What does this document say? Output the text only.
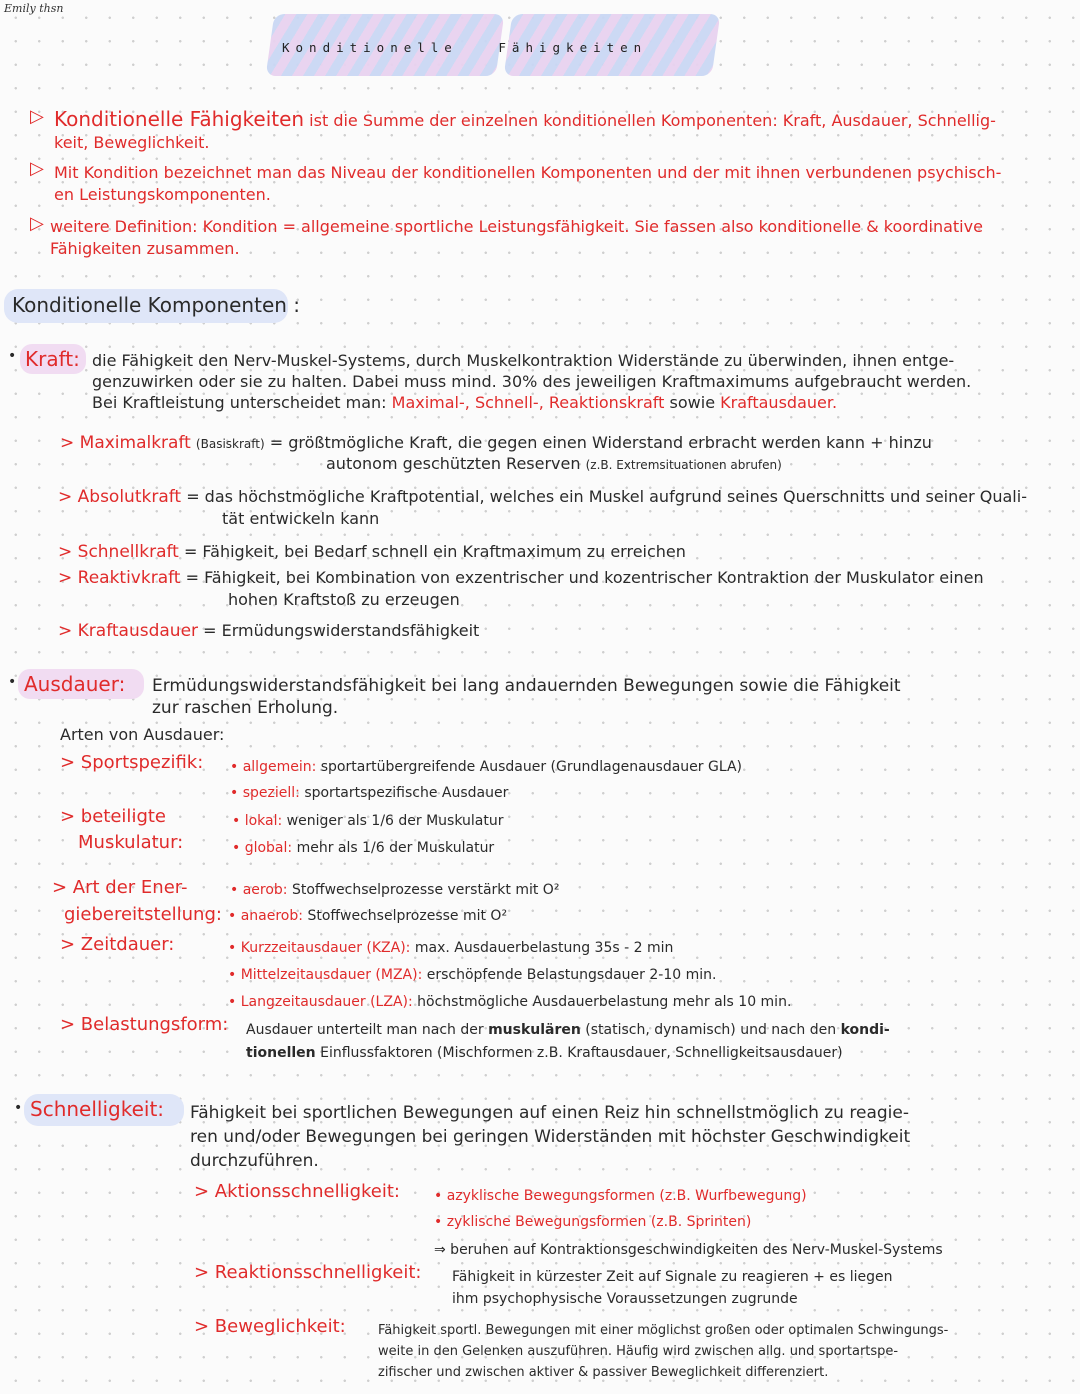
Emily thsn
Konditionelle   Fähigkeiten
▷ Konditionelle Fähigkeiten ist die Summe der einzelnen konditionellen Komponenten: Kraft, Ausdauer, Schnellig-
keit, Beweglichkeit.
▷ Mit Kondition bezeichnet man das Niveau der konditionellen Komponenten und der mit ihnen verbundenen psychisch-
en Leistungskomponenten.
▷ weitere Definition: Kondition = allgemeine sportliche Leistungsfähigkeit. Sie fassen also konditionelle & koordinative
Fähigkeiten zusammen.
Konditionelle Komponenten :
• Kraft: die Fähigkeit den Nerv-Muskel-Systems, durch Muskelkontraktion Widerstände zu überwinden, ihnen entge-
genzuwirken oder sie zu halten. Dabei muss mind. 30% des jeweiligen Kraftmaximums aufgebraucht werden.
Bei Kraftleistung unterscheidet man: Maximal-, Schnell-, Reaktionskraft sowie Kraftausdauer.
> Maximalkraft (Basiskraft) = größtmögliche Kraft, die gegen einen Widerstand erbracht werden kann + hinzu
autonom geschützten Reserven (z.B. Extremsituationen abrufen)
> Absolutkraft = das höchstmögliche Kraftpotential, welches ein Muskel aufgrund seines Querschnitts und seiner Quali-
tät entwickeln kann
> Schnellkraft = Fähigkeit, bei Bedarf schnell ein Kraftmaximum zu erreichen
> Reaktivkraft = Fähigkeit, bei Kombination von exzentrischer und kozentrischer Kontraktion der Muskulator einen
hohen Kraftstoß zu erzeugen
> Kraftausdauer = Ermüdungswiderstandsfähigkeit
• Ausdauer: Ermüdungswiderstandsfähigkeit bei lang andauernden Bewegungen sowie die Fähigkeit
zur raschen Erholung.
Arten von Ausdauer:
> Sportspezifik: • allgemein: sportartübergreifende Ausdauer (Grundlagenausdauer GLA)
• speziell: sportartspezifische Ausdauer
> beteiligte
Muskulatur:
• lokal: weniger als 1/6 der Muskulatur
• global: mehr als 1/6 der Muskulatur
> Art der Ener-
giebereitstellung:
• aerob: Stoffwechselprozesse verstärkt mit O²
• anaerob: Stoffwechselprozesse mit O²
> Zeitdauer:	• Kurzzeitausdauer (KZA): max. Ausdauerbelastung 35s - 2 min
• Mittelzeitausdauer (MZA): erschöpfende Belastungsdauer 2-10 min.
• Langzeitausdauer (LZA): höchstmögliche Ausdauerbelastung mehr als 10 min.
> Belastungsform: Ausdauer unterteilt man nach der muskulären (statisch, dynamisch) und nach den kondi-
tionellen Einflussfaktoren (Mischformen z.B. Kraftausdauer, Schnelligkeitsausdauer)
• Schnelligkeit: Fähigkeit bei sportlichen Bewegungen auf einen Reiz hin schnellstmöglich zu reagie-
ren und/oder Bewegungen bei geringen Widerständen mit höchster Geschwindigkeit
durchzuführen.
> Aktionsschnelligkeit: • azyklische Bewegungsformen (z.B. Wurfbewegung)
• zyklische Bewegungsformen (z.B. Sprinten)
⇒ beruhen auf Kontraktionsgeschwindigkeiten des Nerv-Muskel-Systems
> Reaktionsschnelligkeit: Fähigkeit in kürzester Zeit auf Signale zu reagieren + es liegen
ihm psychophysische Voraussetzungen zugrunde
> Beweglichkeit: Fähigkeit sportl. Bewegungen mit einer möglichst großen oder optimalen Schwingungs-
weite in den Gelenken auszuführen. Häufig wird zwischen allg. und sportartspe-
zifischer und zwischen aktiver & passiver Beweglichkeit differenziert.
